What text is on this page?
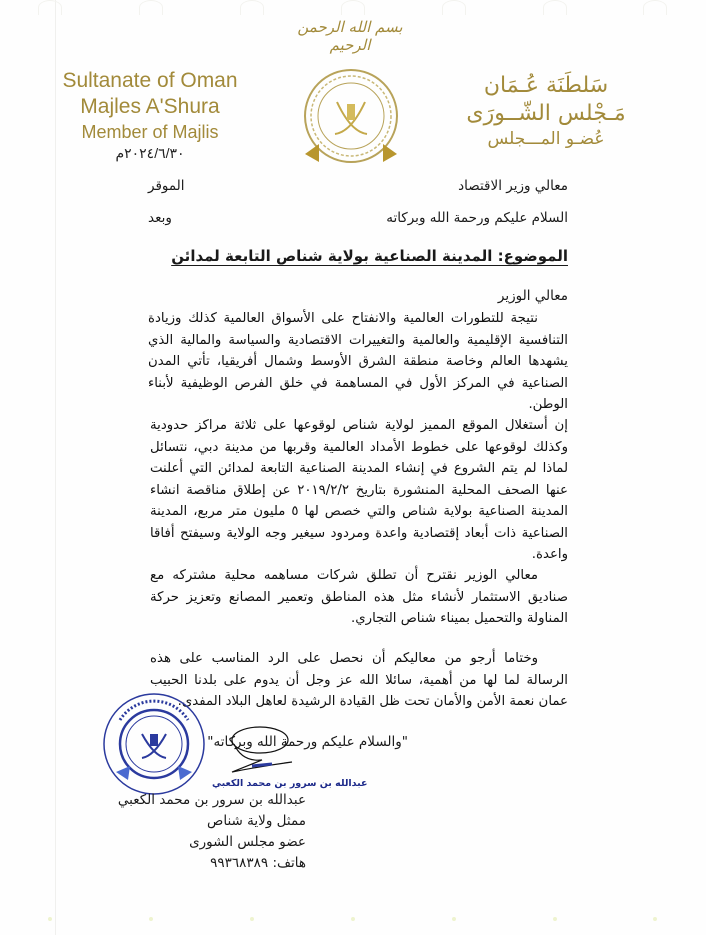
بسم الله الرحمن الرحيم
Sultanate of Oman
Majles A'Shura
Member of Majlis
٢٠٢٤/٦/٣٠م
سَلطَنَة عُـمَان
مَـجْلس الشّــورَى
عُضـو المـــجلس
معالي وزير الاقتصاد
الموقر
السلام عليكم ورحمة الله وبركاته
وبعد
الموضوع: المدينة الصناعية بولاية شناص التابعة لمدائن
معالي الوزير
نتيجة للتطورات العالمية والانفتاح على الأسواق العالمية كذلك وزيادة التنافسية الإقليمية والعالمية والتغييرات الاقتصادية والسياسة والمالية الذي يشهدها العالم وخاصة منطقة الشرق الأوسط وشمال أفريقيا، تأتي المدن الصناعية في المركز الأول في المساهمة في خلق الفرص الوظيفية لأبناء الوطن.
إن أستغلال الموقع المميز لولاية شناص لوقوعها على ثلاثة مراكز حدودية وكذلك لوقوعها على خطوط الأمداد العالمية وقربها من مدينة دبي، نتسائل لماذا لم يتم الشروع في إنشاء المدينة الصناعية التابعة لمدائن التي أعلنت عنها الصحف المحلية المنشورة بتاريخ ٢٠١٩/٢/٢ عن إطلاق مناقصة انشاء المدينة الصناعية بولاية شناص والتي خصص لها ٥ مليون متر مربع، المدينة الصناعية ذات أبعاد إقتصادية واعدة ومردود سيغير وجه الولاية وسيفتح أفاقا واعدة.
معالي الوزير نقترح أن تطلق شركات مساهمه محلية مشتركه مع صناديق الاستثمار لأنشاء مثل هذه المناطق وتعمير المصانع وتعزيز حركة المناولة والتحميل بميناء شناص التجاري.
وختاما أرجو من معاليكم أن نحصل على الرد المناسب على هذه الرسالة لما لها من أهمية، سائلا الله عز وجل أن يدوم على بلدنا الحبيب عمان نعمة الأمن والأمان تحت ظل القيادة الرشيدة لعاهل البلاد المفدى.
"والسلام عليكم ورحمة الله وبركاته"
عبدالله بن سرور بن محمد الكعبي
عبدالله بن سرور بن محمد الكعبي
ممثل ولاية شناص
عضو مجلس الشورى
هاتف: ٩٩٣٦٨٣٨٩
